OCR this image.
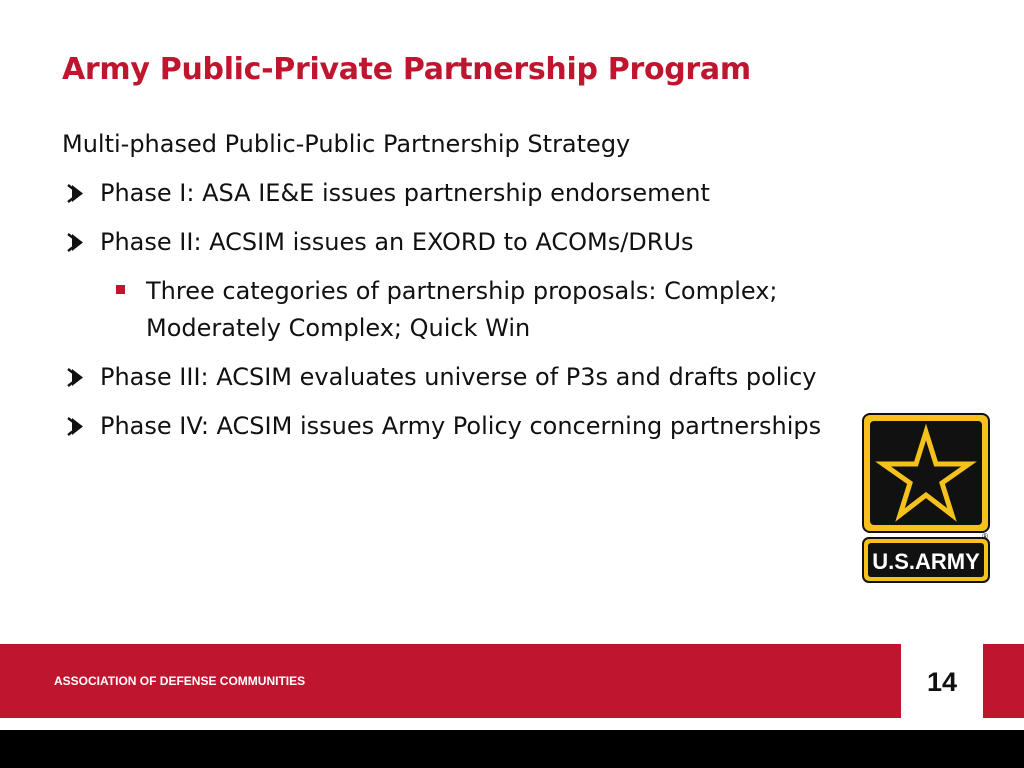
Army Public-Private Partnership Program

Multi-phased Public-Public Partnership Strategy

Phase I: ASA IE&E issues partnership endorsement
Phase II: ACSIM issues an EXORD to ACOMs/DRUs
Three categories of partnership proposals: Complex; Moderately Complex; Quick Win
Phase III: ACSIM evaluates universe of P3s and drafts policy
Phase IV: ACSIM issues Army Policy concerning partnerships
U.S.ARMY
®
ASSOCIATION OF DEFENSE COMMUNITIES	14
